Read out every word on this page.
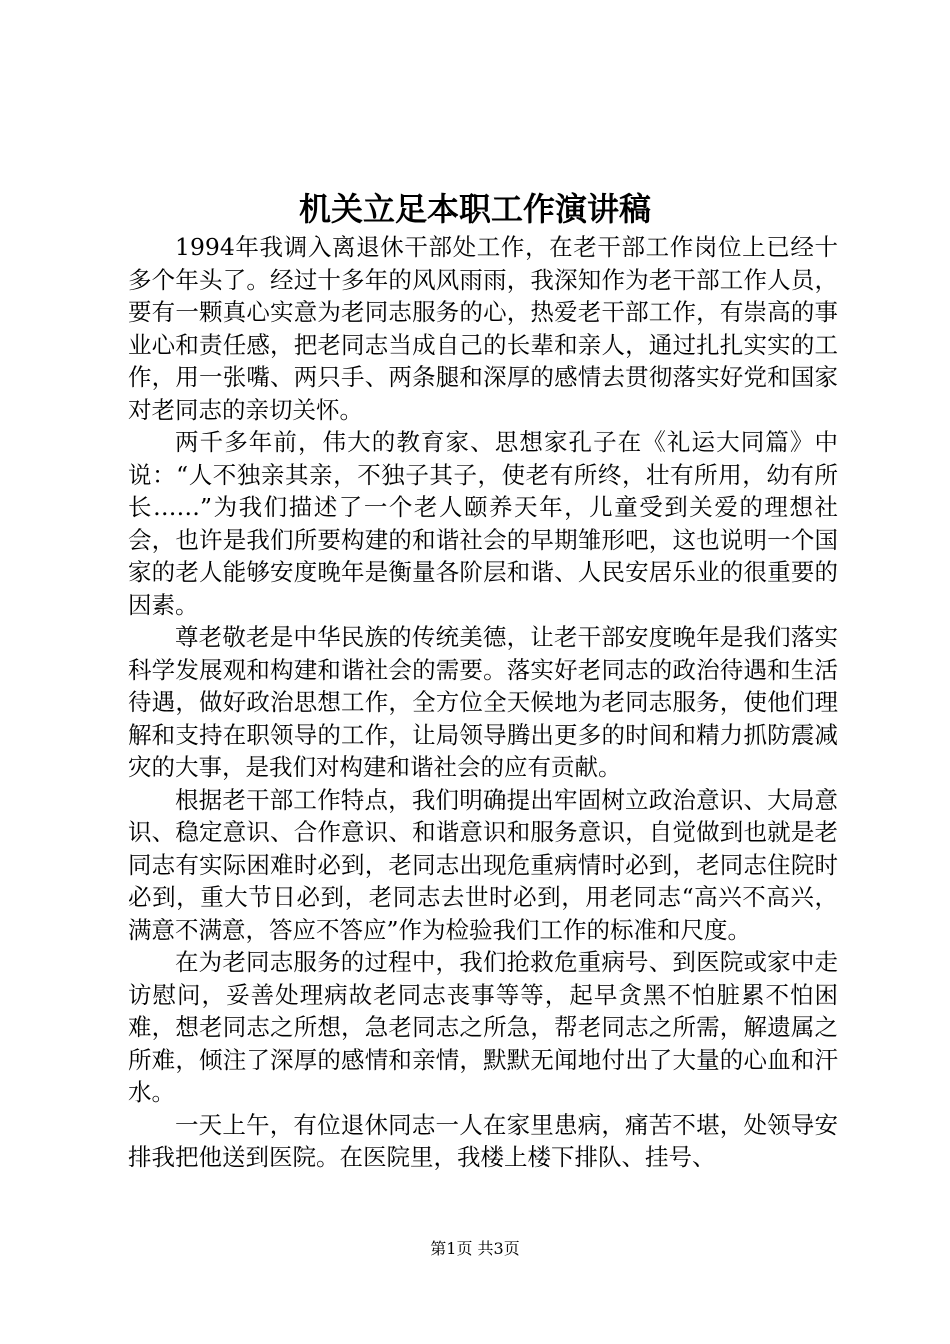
机关立足本职工作演讲稿

1994年我调入离退休干部处工作，在老干部工作岗位上已经十多个年头了。经过十多年的风风雨雨，我深知作为老干部工作人员，要有一颗真心实意为老同志服务的心，热爱老干部工作，有崇高的事业心和责任感，把老同志当成自己的长辈和亲人，通过扎扎实实的工作，用一张嘴、两只手、两条腿和深厚的感情去贯彻落实好党和国家对老同志的亲切关怀。

两千多年前，伟大的教育家、思想家孔子在《礼运大同篇》中说：“人不独亲其亲，不独子其子，使老有所终，壮有所用，幼有所长……”为我们描述了一个老人颐养天年，儿童受到关爱的理想社会，也许是我们所要构建的和谐社会的早期雏形吧，这也说明一个国家的老人能够安度晚年是衡量各阶层和谐、人民安居乐业的很重要的因素。

尊老敬老是中华民族的传统美德，让老干部安度晚年是我们落实科学发展观和构建和谐社会的需要。落实好老同志的政治待遇和生活待遇，做好政治思想工作，全方位全天候地为老同志服务，使他们理解和支持在职领导的工作，让局领导腾出更多的时间和精力抓防震减灾的大事，是我们对构建和谐社会的应有贡献。

根据老干部工作特点，我们明确提出牢固树立政治意识、大局意识、稳定意识、合作意识、和谐意识和服务意识，自觉做到也就是老同志有实际困难时必到，老同志出现危重病情时必到，老同志住院时必到，重大节日必到，老同志去世时必到，用老同志“高兴不高兴，满意不满意，答应不答应”作为检验我们工作的标准和尺度。

在为老同志服务的过程中，我们抢救危重病号、到医院或家中走访慰问，妥善处理病故老同志丧事等等，起早贪黑不怕脏累不怕困难，想老同志之所想，急老同志之所急，帮老同志之所需，解遗属之所难，倾注了深厚的感情和亲情，默默无闻地付出了大量的心血和汗水。

一天上午，有位退休同志一人在家里患病，痛苦不堪，处领导安排我把他送到医院。在医院里，我楼上楼下排队、挂号、

第1页 共3页
